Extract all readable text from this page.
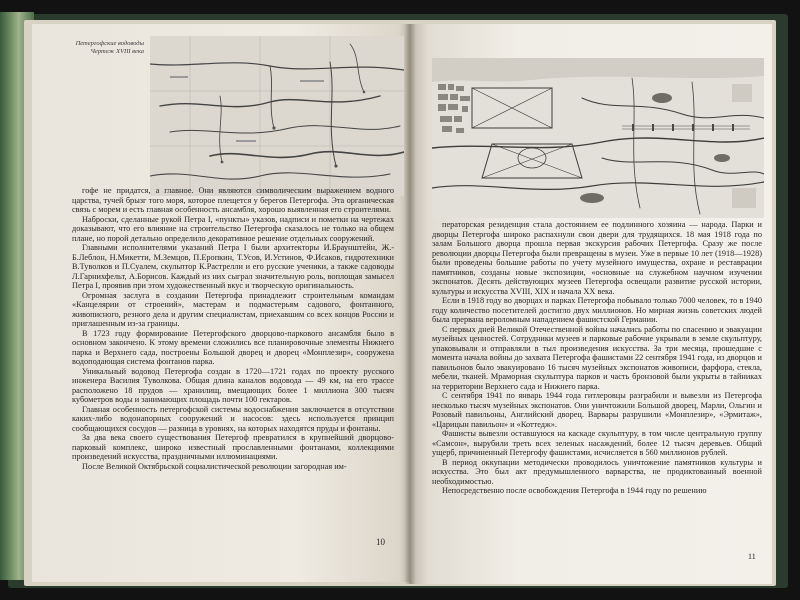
Петергофские водоводы
Чертеж XVIII века

гофе не придатся, а главное. Они являются символическим выражением водного царства, тучей брызг того моря, которое плещется у берегов Петергофа. Эта органическая связь с морем и есть главная особенность ансамбля, хорошо выявленная его строителями.

Наброски, сделанные рукой Петра I, «пункты» указов, надписи и пометки на чертежах доказывают, что его влияние на строительство Петергофа сказалось не только на общем плане, но порой детально определило декоративное решение отдельных сооружений.

Главными исполнителями указаний Петра I были архитекторы И.Браунштейн, Ж.-Б.Леблон, Н.Микетти, М.Земцов, П.Еропкин, Т.Усов, И.Устинов, Ф.Исаков, гидротехники В.Туволков и П.Суалем, скульптор К.Растрелли и его русские ученики, а также садоводы Л.Гарнихфельт, А.Борисов. Каждый из них сыграл значительную роль, воплощая замысел Петра I, проявив при этом художественный вкус и творческую оригинальность.

Огромная заслуга в создании Петергофа принадлежит строительным командам «Канцелярии от строений», мастерам и подмастерьям садового, фонтанного, живописного, резного дела и другим специалистам, приехавшим со всех концов России и приглашенным из-за границы.

В 1723 году формирование Петергофского дворцово-паркового ансамбля было в основном закончено. К этому времени сложились все планировочные элементы Нижнего парка и Верхнего сада, построены Большой дворец и дворец «Монплезир», сооружена водоподающая система фонтанов парка.

Уникальный водовод Петергофа создан в 1720—1721 годах по проекту русского инженера Василия Туволкова. Общая длина каналов водовода — 49 км, на его трассе расположено 18 прудов — хранилищ, вмещающих более 1 миллиона 300 тысяч кубометров воды и занимающих площадь почти 100 гектаров.

Главная особенность петергофской системы водоснабжения заключается в отсутствии каких-либо водонапорных сооружений и насосов: здесь используется принцип сообщающихся сосудов — разница в уровнях, на которых находятся пруды и фонтаны.

За два века своего существования Петергоф превратился в крупнейший дворцово-парковый комплекс, широко известный прославленными фонтанами, коллекциями произведений искусства, праздничными иллюминациями.

После Великой Октябрьской социалистической революции загородная им-

10

ператорская резиденция стала достоянием ее подлинного хозяина — народа. Парки и дворцы Петергофа широко распахнули свои двери для трудящихся. 18 мая 1918 года по залам Большого дворца прошла первая экскурсия рабочих Петергофа. Сразу же после революции дворцы Петергофа были превращены в музеи. Уже в первые 10 лет (1918—1928) были проведены большие работы по учету музейного имущества, охране и реставрации памятников, созданы новые экспозиции, «основные на служебном научном изучении экспонатов. Десять действующих музеев Петергофа освещали развитие русской истории, культуры и искусства XVIII, XIX и начала XX века.

Если в 1918 году во дворцах и парках Петергофа побывало только 7000 человек, то в 1940 году количество посетителей достигло двух миллионов. Но мирная жизнь советских людей была прервана вероломным нападением фашистской Германии.

С первых дней Великой Отечественной войны начались работы по спасению и эвакуации музейных ценностей. Сотрудники музеев и парковые рабочие укрывали в земле скульптуру, упаковывали и отправляли в тыл произведения искусства. За три месяца, прошедшие с момента начала войны до захвата Петергофа фашистами 22 сентября 1941 года, из дворцов и павильонов было эвакуировано 16 тысяч музейных экспонатов живописи, фарфора, стекла, мебели, тканей. Мраморная скульптура парков и часть бронзовой были укрыты в тайниках на территории Верхнего сада и Нижнего парка.

С сентября 1941 по январь 1944 года гитлеровцы разграбили и вывезли из Петергофа несколько тысяч музейных экспонатов. Они уничтожили Большой дворец, Марли, Ольгин и Розовый павильоны, Английский дворец. Варвары разрушили «Монплезир», «Эрмитаж», «Царицын павильон» и «Коттедж».

Фашисты вывезли оставшуюся на каскаде скульптуру, в том числе центральную группу «Самсон», вырубили треть всех зеленых насаждений, более 12 тысяч деревьев. Общий ущерб, причиненный Петергофу фашистами, исчисляется в 560 миллионов рублей.

В период оккупации методически проводилось уничтожение памятников культуры и искусства. Это был акт предумышленного варварства, не продиктованный военной необходимостью.

Непосредственно после освобождения Петергофа в 1944 году по решению

11
